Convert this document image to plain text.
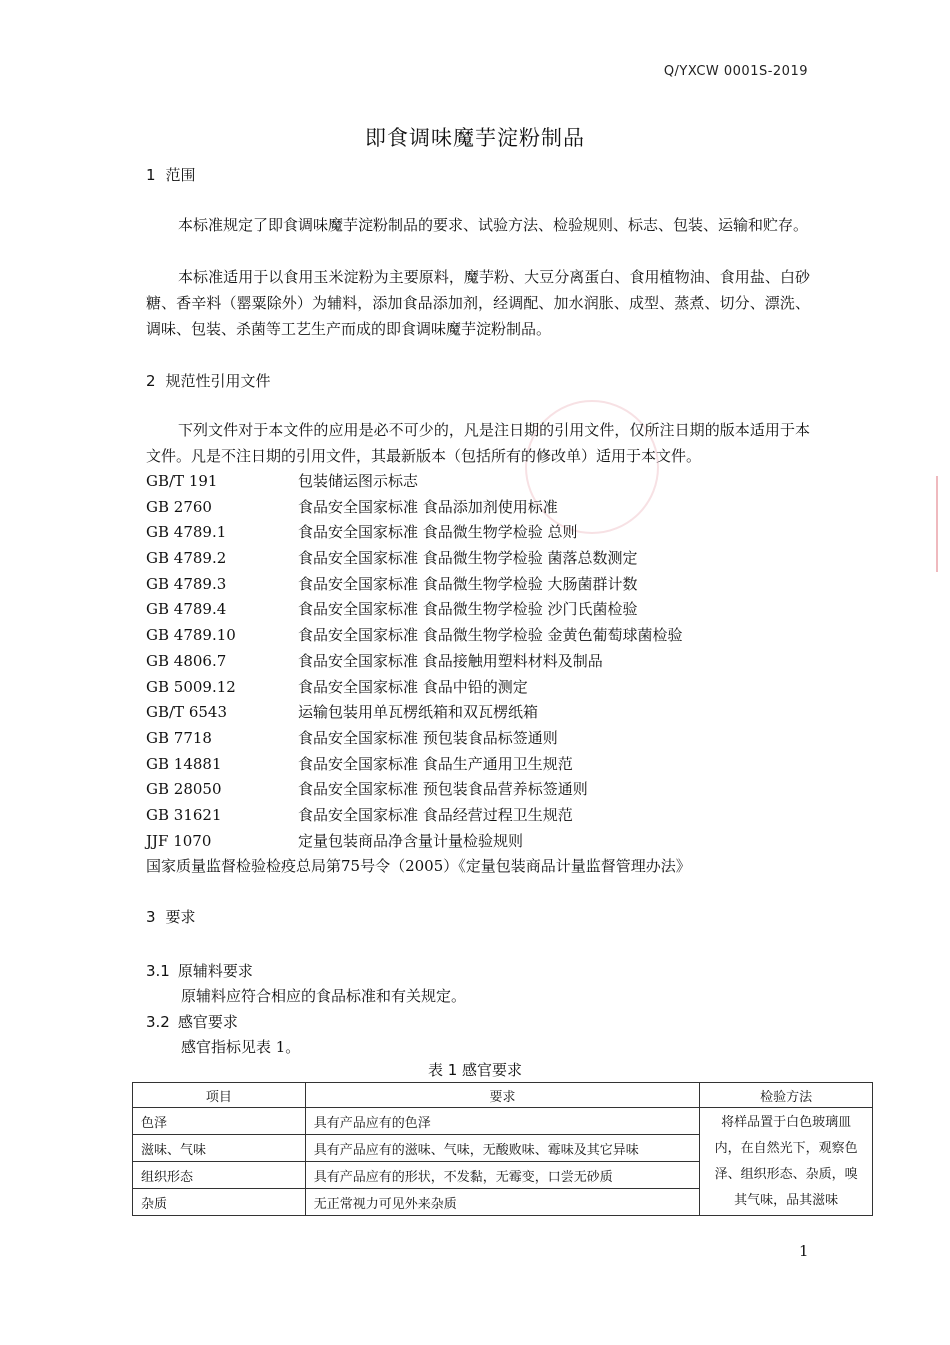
Q/YXCW 0001S-2019
即食调味魔芋淀粉制品
1 范围
本标准规定了即食调味魔芋淀粉制品的要求、试验方法、检验规则、标志、包装、运输和贮存。
本标准适用于以食用玉米淀粉为主要原料，魔芋粉、大豆分离蛋白、食用植物油、食用盐、白砂糖、香辛料（罂粟除外）为辅料，添加食品添加剂，经调配、加水润胀、成型、蒸煮、切分、漂洗、调味、包装、杀菌等工艺生产而成的即食调味魔芋淀粉制品。
2 规范性引用文件
下列文件对于本文件的应用是必不可少的，凡是注日期的引用文件，仅所注日期的版本适用于本文件。凡是不注日期的引用文件，其最新版本（包括所有的修改单）适用于本文件。
GB/T 191	包装储运图示标志
GB 2760	食品安全国家标准 食品添加剂使用标准
GB 4789.1	食品安全国家标准 食品微生物学检验 总则
GB 4789.2	食品安全国家标准 食品微生物学检验 菌落总数测定
GB 4789.3	食品安全国家标准 食品微生物学检验 大肠菌群计数
GB 4789.4	食品安全国家标准 食品微生物学检验 沙门氏菌检验
GB 4789.10	食品安全国家标准 食品微生物学检验 金黄色葡萄球菌检验
GB 4806.7	食品安全国家标准 食品接触用塑料材料及制品
GB 5009.12	食品安全国家标准 食品中铅的测定
GB/T 6543	运输包装用单瓦楞纸箱和双瓦楞纸箱
GB 7718	食品安全国家标准 预包装食品标签通则
GB 14881	食品安全国家标准 食品生产通用卫生规范
GB 28050	食品安全国家标准 预包装食品营养标签通则
GB 31621	食品安全国家标准 食品经营过程卫生规范
JJF 1070	定量包装商品净含量计量检验规则
国家质量监督检验检疫总局第75号令（2005）《定量包装商品计量监督管理办法》
3 要求
3.1 原辅料要求
原辅料应符合相应的食品标准和有关规定。
3.2 感官要求
感官指标见表 1。
表 1 感官要求
项目	要求	检验方法
色泽	具有产品应有的色泽	将样品置于白色玻璃皿内，在自然光下，观察色泽、组织形态、杂质，嗅其气味，品其滋味
滋味、气味	具有产品应有的滋味、气味，无酸败味、霉味及其它异味	
组织形态	具有产品应有的形状，不发黏，无霉变，口尝无砂质	
杂质	无正常视力可见外来杂质	
1
